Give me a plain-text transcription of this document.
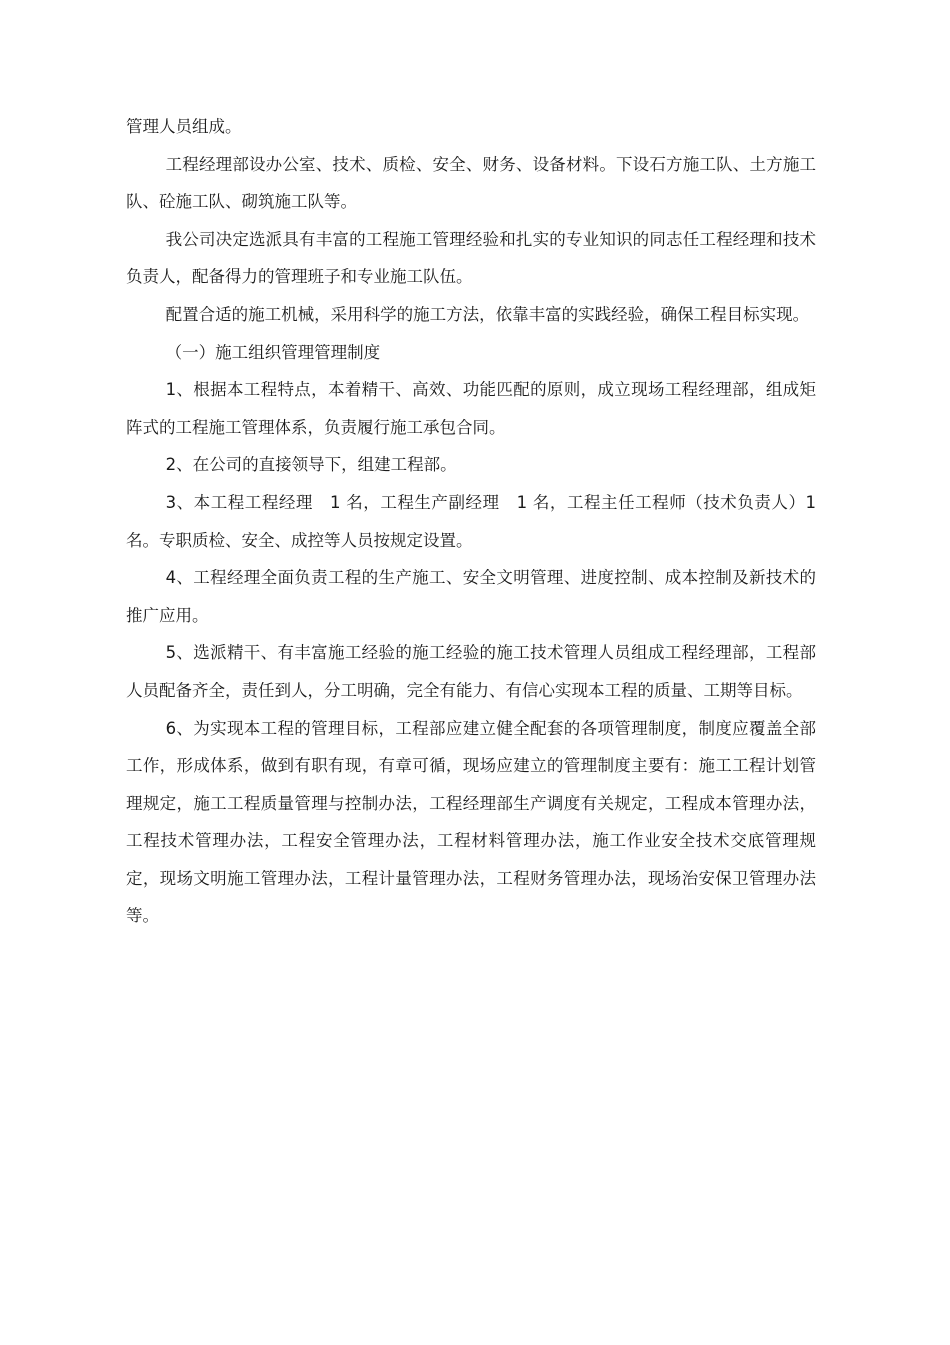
管理人员组成。

工程经理部设办公室、技术、质检、安全、财务、设备材料。下设石方施工队、土方施工队、砼施工队、砌筑施工队等。

我公司决定选派具有丰富的工程施工管理经验和扎实的专业知识的同志任工程经理和技术负责人，配备得力的管理班子和专业施工队伍。

配置合适的施工机械，采用科学的施工方法，依靠丰富的实践经验，确保工程目标实现。

（一）施工组织管理管理制度

1、根据本工程特点，本着精干、高效、功能匹配的原则，成立现场工程经理部，组成矩阵式的工程施工管理体系，负责履行施工承包合同。

2、在公司的直接领导下，组建工程部。

3、本工程工程经理　1 名，工程生产副经理　1 名，工程主任工程师（技术负责人）1 名。专职质检、安全、成控等人员按规定设置。

4、工程经理全面负责工程的生产施工、安全文明管理、进度控制、成本控制及新技术的推广应用。

5、选派精干、有丰富施工经验的施工经验的施工技术管理人员组成工程经理部，工程部人员配备齐全，责任到人，分工明确，完全有能力、有信心实现本工程的质量、工期等目标。

6、为实现本工程的管理目标，工程部应建立健全配套的各项管理制度，制度应覆盖全部工作，形成体系，做到有职有现，有章可循，现场应建立的管理制度主要有：施工工程计划管理规定，施工工程质量管理与控制办法，工程经理部生产调度有关规定，工程成本管理办法，工程技术管理办法，工程安全管理办法，工程材料管理办法，施工作业安全技术交底管理规定，现场文明施工管理办法，工程计量管理办法，工程财务管理办法，现场治安保卫管理办法等。
